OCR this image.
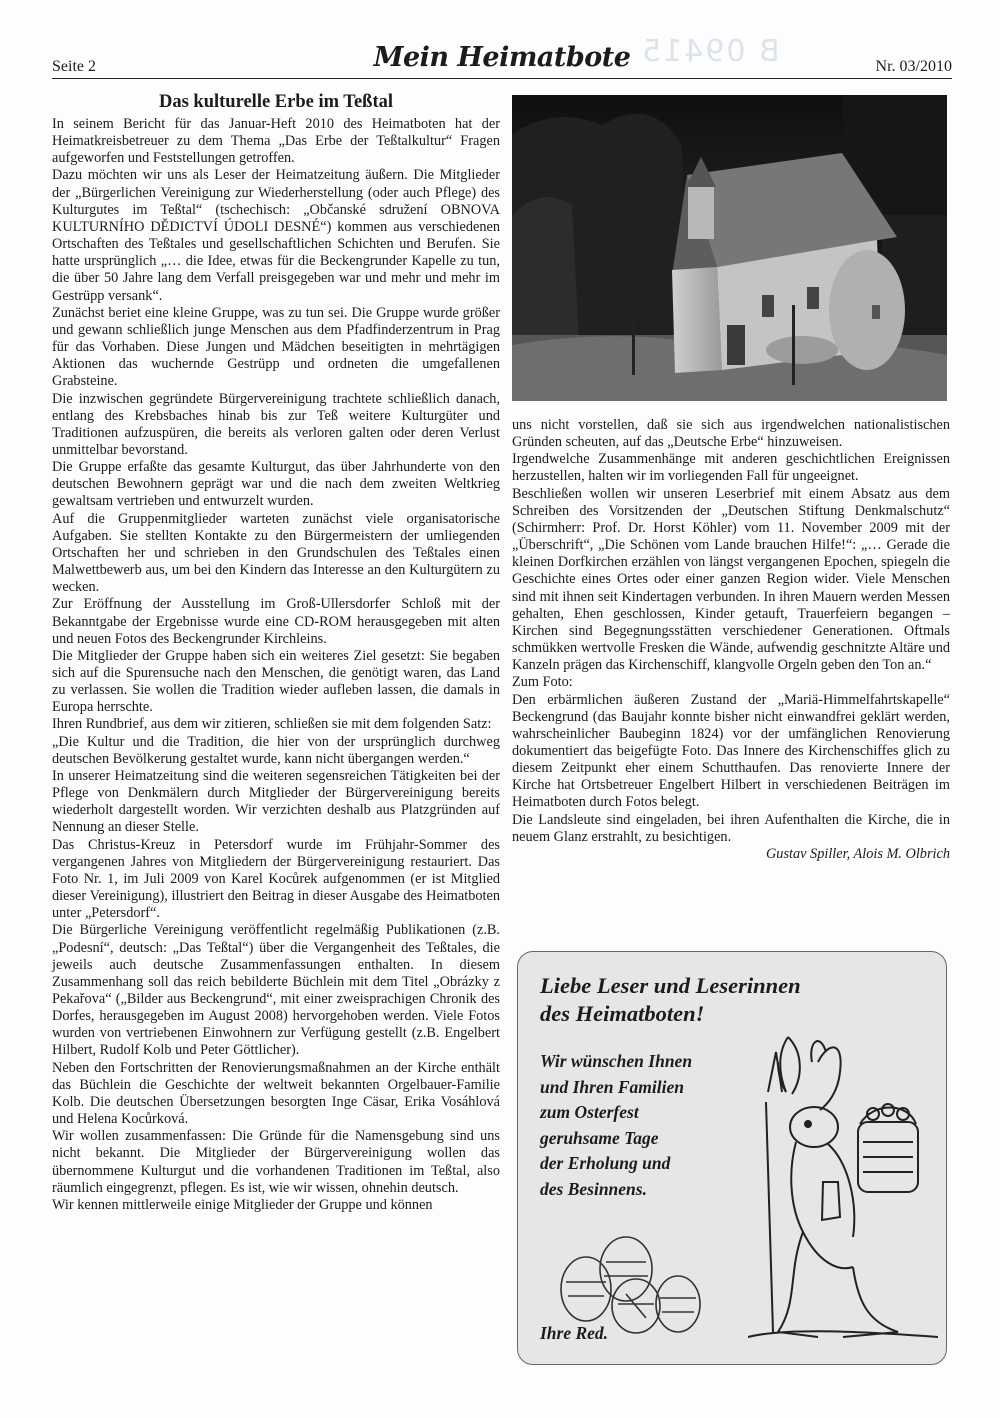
B 09415
Seite 2	Mein Heimatbote	Nr. 03/2010
Das kulturelle Erbe im Teßtal

In seinem Bericht für das Januar-Heft 2010 des Heimatboten hat der Heimatkreisbetreuer zu dem Thema „Das Erbe der Teßtalkultur“ Fragen aufgeworfen und Feststellungen getroffen.

Dazu möchten wir uns als Leser der Heimatzeitung äußern. Die Mitglieder der „Bürgerlichen Vereinigung zur Wiederherstellung (oder auch Pflege) des Kulturgutes im Teßtal“ (tschechisch: „Občanské sdružení OBNOVA KULTURNÍHO DĚDICTVÍ ÚDOLI DESNÉ“) kommen aus verschiedenen Ortschaften des Teßtales und gesellschaftlichen Schichten und Berufen. Sie hatte ursprünglich „… die Idee, etwas für die Beckengrunder Kapelle zu tun, die über 50 Jahre lang dem Verfall preisgegeben war und mehr und mehr im Gestrüpp versank“.

Zunächst beriet eine kleine Gruppe, was zu tun sei. Die Gruppe wurde größer und gewann schließlich junge Menschen aus dem Pfadfinderzentrum in Prag für das Vorhaben. Diese Jungen und Mädchen beseitigten in mehrtägigen Aktionen das wuchernde Gestrüpp und ordneten die umgefallenen Grabsteine.

Die inzwischen gegründete Bürgervereinigung trachtete schließlich danach, entlang des Krebsbaches hinab bis zur Teß weitere Kulturgüter und Traditionen aufzuspüren, die bereits als verloren galten oder deren Verlust unmittelbar bevorstand.

Die Gruppe erfaßte das gesamte Kulturgut, das über Jahrhunderte von den deutschen Bewohnern geprägt war und die nach dem zweiten Weltkrieg gewaltsam vertrieben und entwurzelt wurden.

Auf die Gruppenmitglieder warteten zunächst viele organisatorische Aufgaben. Sie stellten Kontakte zu den Bürgermeistern der umliegenden Ortschaften her und schrieben in den Grundschulen des Teßtales einen Malwettbewerb aus, um bei den Kindern das Interesse an den Kulturgütern zu wecken.

Zur Eröffnung der Ausstellung im Groß-Ullersdorfer Schloß mit der Bekanntgabe der Ergebnisse wurde eine CD-ROM herausgegeben mit alten und neuen Fotos des Beckengrunder Kirchleins.

Die Mitglieder der Gruppe haben sich ein weiteres Ziel gesetzt: Sie begaben sich auf die Spurensuche nach den Menschen, die genötigt waren, das Land zu verlassen. Sie wollen die Tradition wieder aufleben lassen, die damals in Europa herrschte.

Ihren Rundbrief, aus dem wir zitieren, schließen sie mit dem folgenden Satz:

„Die Kultur und die Tradition, die hier von der ursprünglich durchweg deutschen Bevölkerung gestaltet wurde, kann nicht übergangen werden.“

In unserer Heimatzeitung sind die weiteren segensreichen Tätigkeiten bei der Pflege von Denkmälern durch Mitglieder der Bürgervereinigung bereits wiederholt dargestellt worden. Wir verzichten deshalb aus Platzgründen auf Nennung an dieser Stelle.

Das Christus-Kreuz in Petersdorf wurde im Frühjahr-Sommer des vergangenen Jahres von Mitgliedern der Bürgervereinigung restauriert. Das Foto Nr. 1, im Juli 2009 von Karel Kocůrek aufgenommen (er ist Mitglied dieser Vereinigung), illustriert den Beitrag in dieser Ausgabe des Heimatboten unter „Petersdorf“.

Die Bürgerliche Vereinigung veröffentlicht regelmäßig Publikationen (z.B. „Podesní“, deutsch: „Das Teßtal“) über die Vergangenheit des Teßtales, die jeweils auch deutsche Zusammenfassungen enthalten. In diesem Zusammenhang soll das reich bebilderte Büchlein mit dem Titel „Obrázky z Pekařova“ („Bilder aus Beckengrund“, mit einer zweisprachigen Chronik des Dorfes, herausgegeben im August 2008) hervorgehoben werden. Viele Fotos wurden von vertriebenen Einwohnern zur Verfügung gestellt (z.B. Engelbert Hilbert, Rudolf Kolb und Peter Göttlicher).

Neben den Fortschritten der Renovierungsmaßnahmen an der Kirche enthält das Büchlein die Geschichte der weltweit bekannten Orgelbauer-Familie Kolb. Die deutschen Übersetzungen besorgten Inge Cäsar, Erika Vosáhlová und Helena Kocůrková.

Wir wollen zusammenfassen: Die Gründe für die Namensgebung sind uns nicht bekannt. Die Mitglieder der Bürgervereinigung wollen das übernommene Kulturgut und die vorhandenen Traditionen im Teßtal, also räumlich eingegrenzt, pflegen. Es ist, wie wir wissen, ohnehin deutsch.

Wir kennen mittlerweile einige Mitglieder der Gruppe und können

uns nicht vorstellen, daß sie sich aus irgendwelchen nationalistischen Gründen scheuten, auf das „Deutsche Erbe“ hinzuweisen.

Irgendwelche Zusammenhänge mit anderen geschichtlichen Ereignissen herzustellen, halten wir im vorliegenden Fall für ungeeignet.

Beschließen wollen wir unseren Leserbrief mit einem Absatz aus dem Schreiben des Vorsitzenden der „Deutschen Stiftung Denkmalschutz“ (Schirmherr: Prof. Dr. Horst Köhler) vom 11. November 2009 mit der „Überschrift“, „Die Schönen vom Lande brauchen Hilfe!“: „… Gerade die kleinen Dorfkirchen erzählen von längst vergangenen Epochen, spiegeln die Geschichte eines Ortes oder einer ganzen Region wider. Viele Menschen sind mit ihnen seit Kindertagen verbunden. In ihren Mauern werden Messen gehalten, Ehen geschlossen, Kinder getauft, Trauerfeiern begangen – Kirchen sind Begegnungsstätten verschiedener Generationen. Oftmals schmükken wertvolle Fresken die Wände, aufwendig geschnitzte Altäre und Kanzeln prägen das Kirchenschiff, klangvolle Orgeln geben den Ton an.“

Zum Foto:

Den erbärmlichen äußeren Zustand der „Mariä-Himmelfahrtskapelle“ Beckengrund (das Baujahr konnte bisher nicht einwandfrei geklärt werden, wahrscheinlicher Baubeginn 1824) vor der umfänglichen Renovierung dokumentiert das beigefügte Foto. Das Innere des Kirchenschiffes glich zu diesem Zeitpunkt eher einem Schutthaufen. Das renovierte Innere der Kirche hat Ortsbetreuer Engelbert Hilbert in verschiedenen Beiträgen im Heimatboten durch Fotos belegt.

Die Landsleute sind eingeladen, bei ihren Aufenthalten die Kirche, die in neuem Glanz erstrahlt, zu besichtigen.

Gustav Spiller, Alois M. Olbrich

Liebe Leser und Leserinnen
des Heimatboten!
Wir wünschen Ihnen
und Ihren Familien
zum Osterfest
geruhsame Tage
der Erholung und
des Besinnens.
Ihre Red.
